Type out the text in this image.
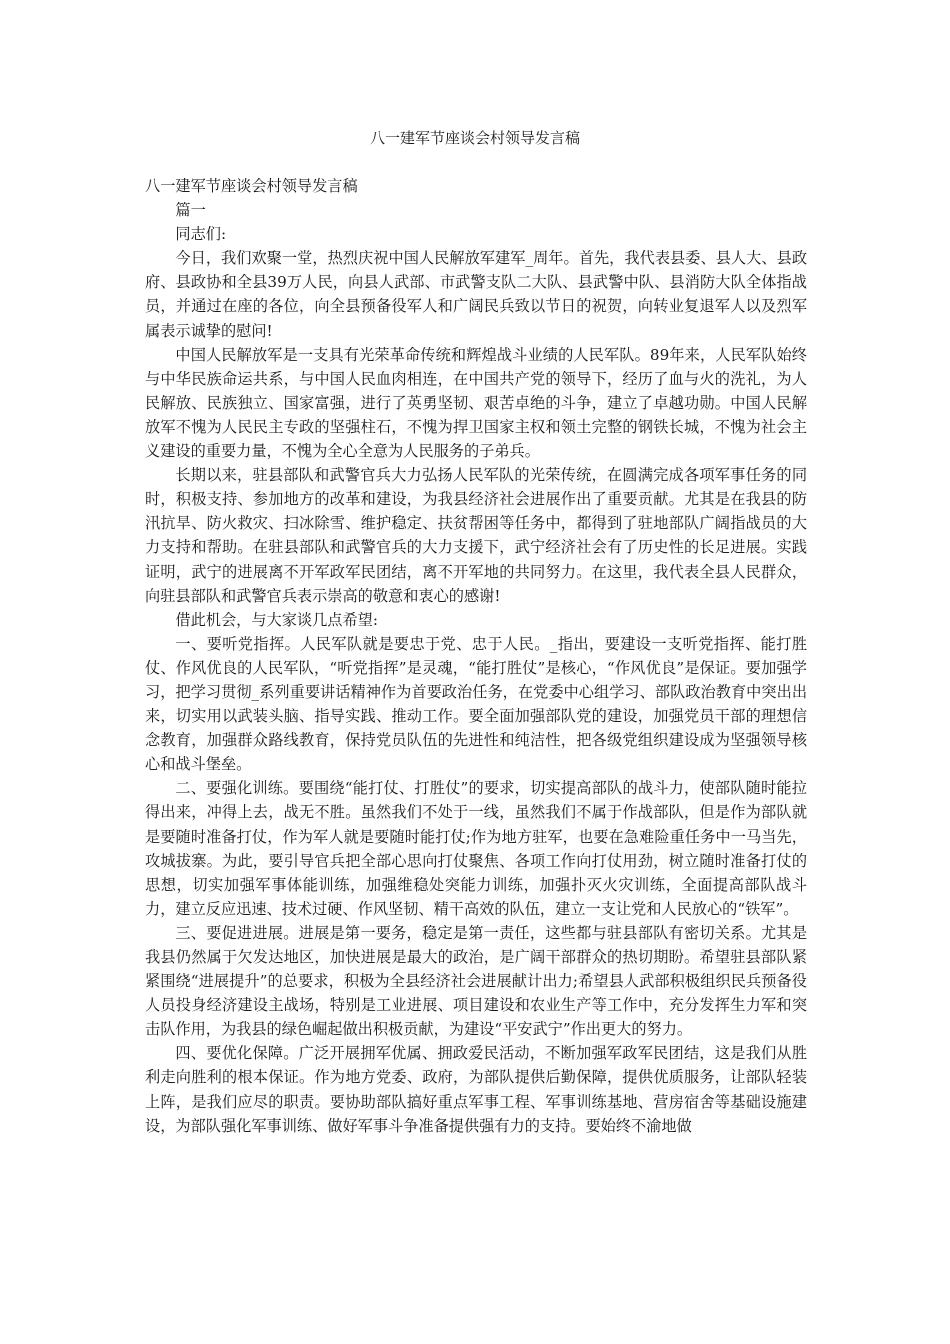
八一建军节座谈会村领导发言稿

八一建军节座谈会村领导发言稿

篇一

同志们:

今日，我们欢聚一堂，热烈庆祝中国人民解放军建军_周年。首先，我代表县委、县人大、县政府、县政协和全县39万人民，向县人武部、市武警支队二大队、县武警中队、县消防大队全体指战员，并通过在座的各位，向全县预备役军人和广阔民兵致以节日的祝贺，向转业复退军人以及烈军属表示诚挚的慰问!

中国人民解放军是一支具有光荣革命传统和辉煌战斗业绩的人民军队。89年来，人民军队始终与中华民族命运共系，与中国人民血肉相连，在中国共产党的领导下，经历了血与火的洗礼，为人民解放、民族独立、国家富强，进行了英勇坚韧、艰苦卓绝的斗争，建立了卓越功勋。中国人民解放军不愧为人民民主专政的坚强柱石，不愧为捍卫国家主权和领土完整的钢铁长城，不愧为社会主义建设的重要力量，不愧为全心全意为人民服务的子弟兵。

长期以来，驻县部队和武警官兵大力弘扬人民军队的光荣传统，在圆满完成各项军事任务的同时，积极支持、参加地方的改革和建设，为我县经济社会进展作出了重要贡献。尤其是在我县的防汛抗旱、防火救灾、扫冰除雪、维护稳定、扶贫帮困等任务中，都得到了驻地部队广阔指战员的大力支持和帮助。在驻县部队和武警官兵的大力支援下，武宁经济社会有了历史性的长足进展。实践证明，武宁的进展离不开军政军民团结，离不开军地的共同努力。在这里，我代表全县人民群众，向驻县部队和武警官兵表示崇高的敬意和衷心的感谢!

借此机会，与大家谈几点希望:

一、要听党指挥。人民军队就是要忠于党、忠于人民。_指出，要建设一支听党指挥、能打胜仗、作风优良的人民军队，“听党指挥”是灵魂，“能打胜仗”是核心，“作风优良”是保证。要加强学习，把学习贯彻_系列重要讲话精神作为首要政治任务，在党委中心组学习、部队政治教育中突出出来，切实用以武装头脑、指导实践、推动工作。要全面加强部队党的建设，加强党员干部的理想信念教育，加强群众路线教育，保持党员队伍的先进性和纯洁性，把各级党组织建设成为坚强领导核心和战斗堡垒。

二、要强化训练。要围绕“能打仗、打胜仗”的要求，切实提高部队的战斗力，使部队随时能拉得出来，冲得上去，战无不胜。虽然我们不处于一线，虽然我们不属于作战部队，但是作为部队就是要随时准备打仗，作为军人就是要随时能打仗;作为地方驻军，也要在急难险重任务中一马当先，攻城拔寨。为此，要引导官兵把全部心思向打仗聚焦、各项工作向打仗用劲，树立随时准备打仗的思想，切实加强军事体能训练，加强维稳处突能力训练，加强扑灭火灾训练，全面提高部队战斗力，建立反应迅速、技术过硬、作风坚韧、精干高效的队伍，建立一支让党和人民放心的“铁军”。

三、要促进进展。进展是第一要务，稳定是第一责任，这些都与驻县部队有密切关系。尤其是我县仍然属于欠发达地区，加快进展是最大的政治，是广阔干部群众的热切期盼。希望驻县部队紧紧围绕“进展提升”的总要求，积极为全县经济社会进展献计出力;希望县人武部积极组织民兵预备役人员投身经济建设主战场，特别是工业进展、项目建设和农业生产等工作中，充分发挥生力军和突击队作用，为我县的绿色崛起做出积极贡献，为建设“平安武宁”作出更大的努力。

四、要优化保障。广泛开展拥军优属、拥政爱民活动，不断加强军政军民团结，这是我们从胜利走向胜利的根本保证。作为地方党委、政府，为部队提供后勤保障，提供优质服务，让部队轻装上阵，是我们应尽的职责。要协助部队搞好重点军事工程、军事训练基地、营房宿舍等基础设施建设，为部队强化军事训练、做好军事斗争准备提供强有力的支持。要始终不渝地做
